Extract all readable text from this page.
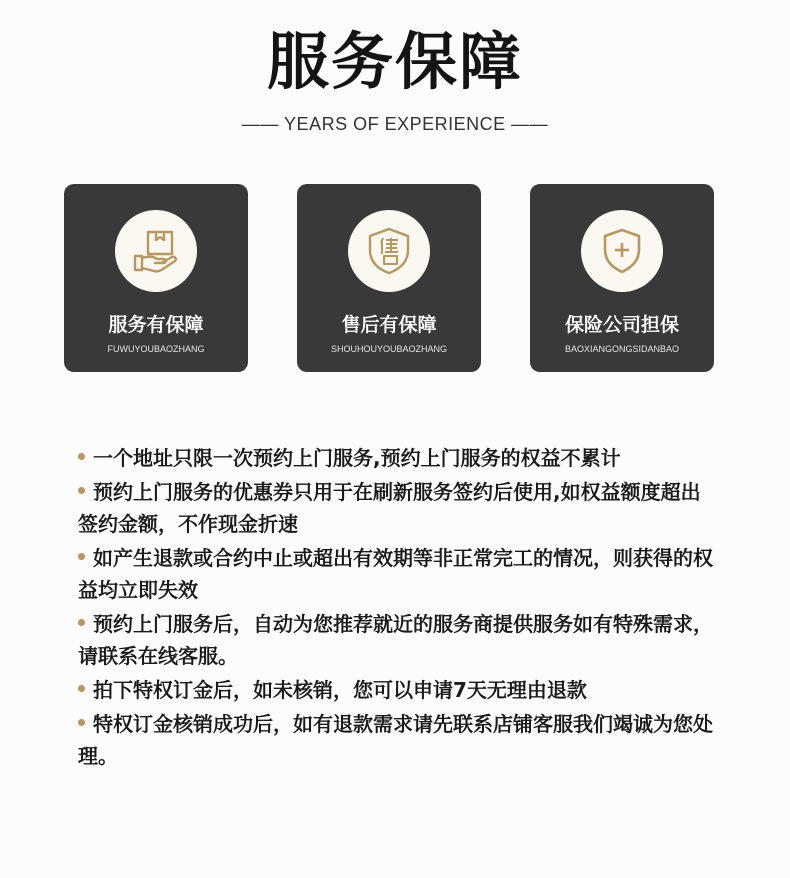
服务保障
—— YEARS OF EXPERIENCE ——
服务有保障
FUWUYOUBAOZHANG
售后有保障
SHOUHOUYOUBAOZHANG
保险公司担保
BAOXIANGONGSIDANBAO
一个地址只限一次预约上门服务,预约上门服务的权益不累计
预约上门服务的优惠券只用于在刷新服务签约后使用,如权益额度超出签约金额，不作现金折速
如产生退款或合约中止或超出有效期等非正常完工的情况，则获得的权益均立即失效
预约上门服务后，自动为您推荐就近的服务商提供服务如有特殊需求，请联系在线客服。
拍下特权订金后，如未核销，您可以申请7天无理由退款
特权订金核销成功后，如有退款需求请先联系店铺客服我们竭诚为您处理。
